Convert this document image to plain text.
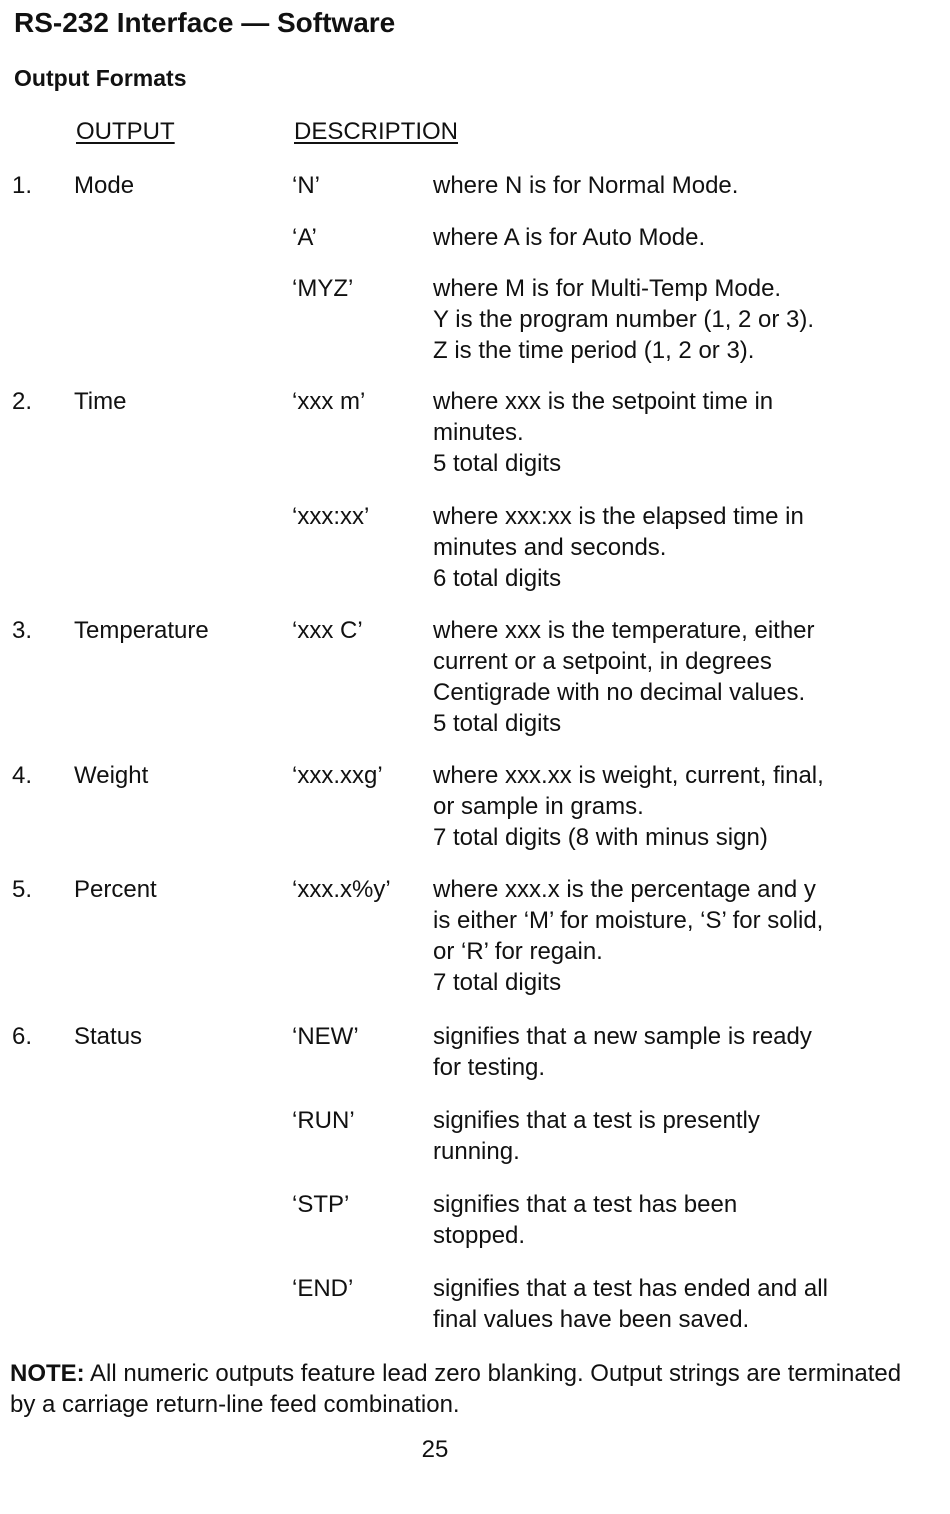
RS-232 Interface — Software
Output Formats
OUTPUT	DESCRIPTION
1. Mode	‘N’	where N is for Normal Mode.
‘A’	where A is for Auto Mode.
‘MYZ’	where M is for Multi-Temp Mode.
Y is the program number (1, 2 or 3).
Z is the time period (1, 2 or 3).
2. Time	‘xxx m’	where xxx is the setpoint time in
minutes.
5 total digits
‘xxx:xx’	where xxx:xx is the elapsed time in
minutes and seconds.
6 total digits
3. Temperature	‘xxx C’	where xxx is the temperature, either
current or a setpoint, in degrees
Centigrade with no decimal values.
5 total digits
4. Weight	‘xxx.xxg’ where xxx.xx is weight, current, final,
or sample in grams.
7 total digits (8 with minus sign)
5. Percent	‘xxx.x%y’ where xxx.x is the percentage and y
is either ‘M’ for moisture, ‘S’ for solid,
or ‘R’ for regain.
7 total digits
6. Status	‘NEW’	signifies that a new sample is ready
for testing.
‘RUN’	signifies that a test is presently
running.
‘STP’	signifies that a test has been
stopped.
‘END’	signifies that a test has ended and all
final values have been saved.
NOTE: All numeric outputs feature lead zero blanking. Output strings are terminated by a carriage return-line feed combination.
25
